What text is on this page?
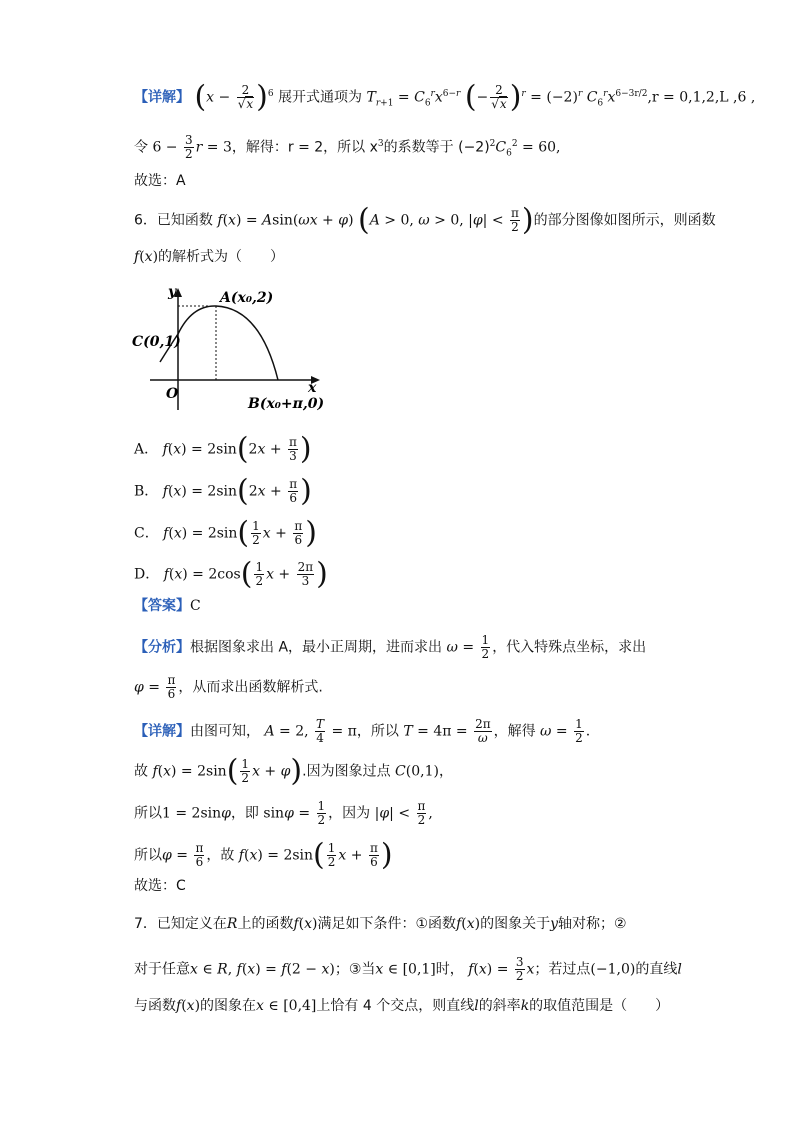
【详解】 $(x - \frac{2}{√x} )^6$ 展开式通项为 $T_{r+1} = C_6^rx^{6-r}$ (− $\frac{2}{√x} )^r = (-2)^r$ $C_6^rx^{6-3r/2},r = 0,1,2,L$ ,6 ,
令 $6 - \frac{3}{2}$ r = 3，解得：r = 2，所以 $x^3$的系数等于 $(-2)^2C_6^2 = 60$,
故选：A
6．已知函数 f(x) = Asin(ωx + φ) (A > 0, ω > 0, $|\varphi| < \frac{\pi}{2}$ )的部分图像如图所示，则函数
f(x)的解析式为（　　）
y
x
O
A(x₀,2)
B(x₀+π,0)
C(0,1)
A． $f(x) = 2\sin(2x + \frac{\pi}{3}$ )
B． $f(x) = 2\sin(2x + \frac{\pi}{6}$ )
C． $f(x) = 2\sin( \frac{1}{2}$ $x + \frac{\pi}{6}$ )
D． $f(x) = 2\cos( \frac{1}{2}$ $x + \frac{2\pi}{3}$ )
【答案】C
【分析】根据图象求出 A，最小正周期，进而求出 $\omega = \frac{1}{2}$ ，代入特殊点坐标，求出
$\varphi = \frac{\pi}{6}$ ，从而求出函数解析式.
【详解】由图可知， A = 2, $\frac{T}{4} = \pi$，所以 $T = 4\pi = \frac{2\pi}{\omega}$ ，解得 $\omega = \frac{1}{2}$ .
故 $f(x) = 2\sin( \frac{1}{2}$ x + φ).因为图象过点 C(0,1)，
所以1 = 2sinφ，即 $\sin\varphi = \frac{1}{2}$ ，因为 $|\varphi| < \frac{\pi}{2}$ ,
所以$\varphi = \frac{\pi}{6}$ ，故 $f(x) = 2\sin( \frac{1}{2}$ $x + \frac{\pi}{6}$ )
故选：C
7．已知定义在R上的函数f(x)满足如下条件：①函数f(x)的图象关于y轴对称；②
对于任意x ∈ R, f(x) = f(2 − x)；③当x ∈ [0,1]时， $f(x) = \frac{3}{2}$ x；若过点(−1,0)的直线l
与函数f(x)的图象在x ∈ [0,4]上恰有 4 个交点，则直线l的斜率k的取值范围是（　　）
